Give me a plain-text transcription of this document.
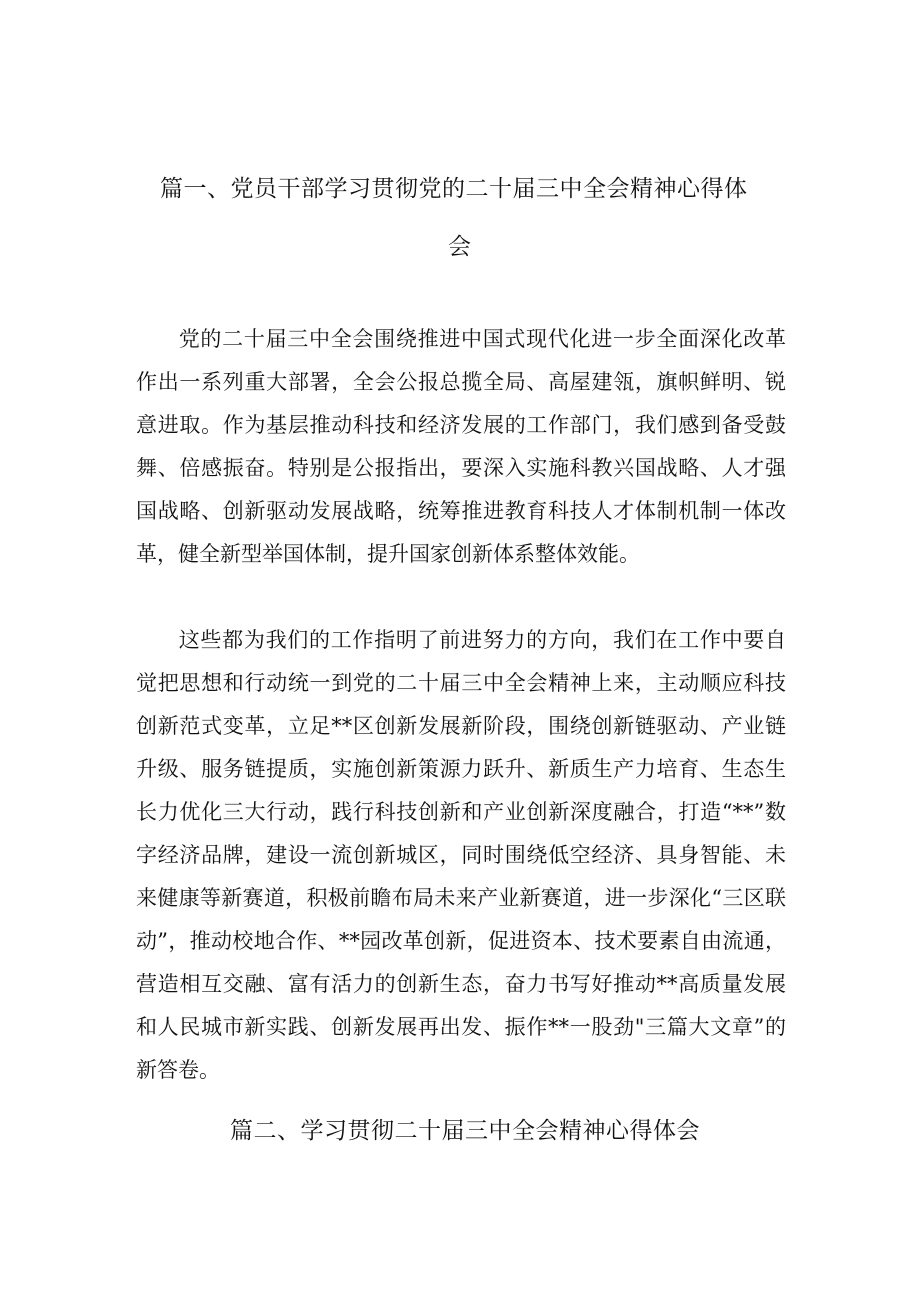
篇一、党员干部学习贯彻党的二十届三中全会精神心得体
会

党的二十届三中全会围绕推进中国式现代化进一步全面深化改革作出一系列重大部署，全会公报总揽全局、高屋建瓴，旗帜鲜明、锐意进取。作为基层推动科技和经济发展的工作部门，我们感到备受鼓舞、倍感振奋。特别是公报指出，要深入实施科教兴国战略、人才强国战略、创新驱动发展战略，统筹推进教育科技人才体制机制一体改革，健全新型举国体制，提升国家创新体系整体效能。

这些都为我们的工作指明了前进努力的方向，我们在工作中要自觉把思想和行动统一到党的二十届三中全会精神上来，主动顺应科技创新范式变革，立足**区创新发展新阶段，围绕创新链驱动、产业链升级、服务链提质，实施创新策源力跃升、新质生产力培育、生态生长力优化三大行动，践行科技创新和产业创新深度融合，打造“**”数字经济品牌，建设一流创新城区，同时围绕低空经济、具身智能、未来健康等新赛道，积极前瞻布局未来产业新赛道，进一步深化“三区联动”，推动校地合作、**园改革创新，促进资本、技术要素自由流通，营造相互交融、富有活力的创新生态，奋力书写好推动**高质量发展和人民城市新实践、创新发展再出发、振作**一股劲"三篇大文章”的新答卷。

篇二、学习贯彻二十届三中全会精神心得体会
